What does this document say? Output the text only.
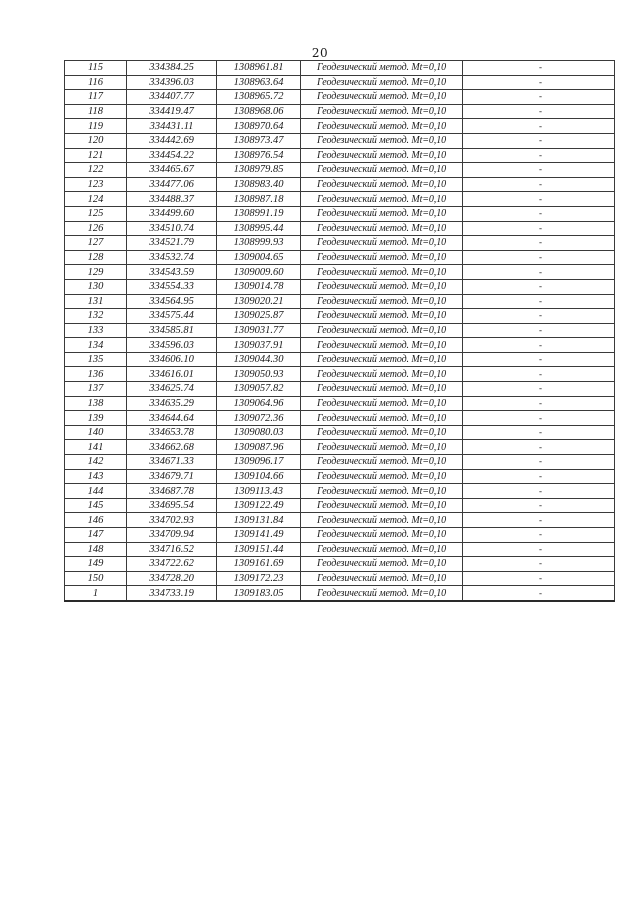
20
115	334384.25	1308961.81	Геодезический метод. Mt=0,10	-
116	334396.03	1308963.64	Геодезический метод. Mt=0,10	-
117	334407.77	1308965.72	Геодезический метод. Mt=0,10	-
118	334419.47	1308968.06	Геодезический метод. Mt=0,10	-
119	334431.11	1308970.64	Геодезический метод. Mt=0,10	-
120	334442.69	1308973.47	Геодезический метод. Mt=0,10	-
121	334454.22	1308976.54	Геодезический метод. Mt=0,10	-
122	334465.67	1308979.85	Геодезический метод. Mt=0,10	-
123	334477.06	1308983.40	Геодезический метод. Mt=0,10	-
124	334488.37	1308987.18	Геодезический метод. Mt=0,10	-
125	334499.60	1308991.19	Геодезический метод. Mt=0,10	-
126	334510.74	1308995.44	Геодезический метод. Mt=0,10	-
127	334521.79	1308999.93	Геодезический метод. Mt=0,10	-
128	334532.74	1309004.65	Геодезический метод. Mt=0,10	-
129	334543.59	1309009.60	Геодезический метод. Mt=0,10	-
130	334554.33	1309014.78	Геодезический метод. Mt=0,10	-
131	334564.95	1309020.21	Геодезический метод. Mt=0,10	-
132	334575.44	1309025.87	Геодезический метод. Mt=0,10	-
133	334585.81	1309031.77	Геодезический метод. Mt=0,10	-
134	334596.03	1309037.91	Геодезический метод. Mt=0,10	-
135	334606.10	1309044.30	Геодезический метод. Mt=0,10	-
136	334616.01	1309050.93	Геодезический метод. Mt=0,10	-
137	334625.74	1309057.82	Геодезический метод. Mt=0,10	-
138	334635.29	1309064.96	Геодезический метод. Mt=0,10	-
139	334644.64	1309072.36	Геодезический метод. Mt=0,10	-
140	334653.78	1309080.03	Геодезический метод. Mt=0,10	-
141	334662.68	1309087.96	Геодезический метод. Mt=0,10	-
142	334671.33	1309096.17	Геодезический метод. Mt=0,10	-
143	334679.71	1309104.66	Геодезический метод. Mt=0,10	-
144	334687.78	1309113.43	Геодезический метод. Mt=0,10	-
145	334695.54	1309122.49	Геодезический метод. Mt=0,10	-
146	334702.93	1309131.84	Геодезический метод. Mt=0,10	-
147	334709.94	1309141.49	Геодезический метод. Mt=0,10	-
148	334716.52	1309151.44	Геодезический метод. Mt=0,10	-
149	334722.62	1309161.69	Геодезический метод. Mt=0,10	-
150	334728.20	1309172.23	Геодезический метод. Mt=0,10	-
1	334733.19	1309183.05	Геодезический метод. Mt=0,10	-
